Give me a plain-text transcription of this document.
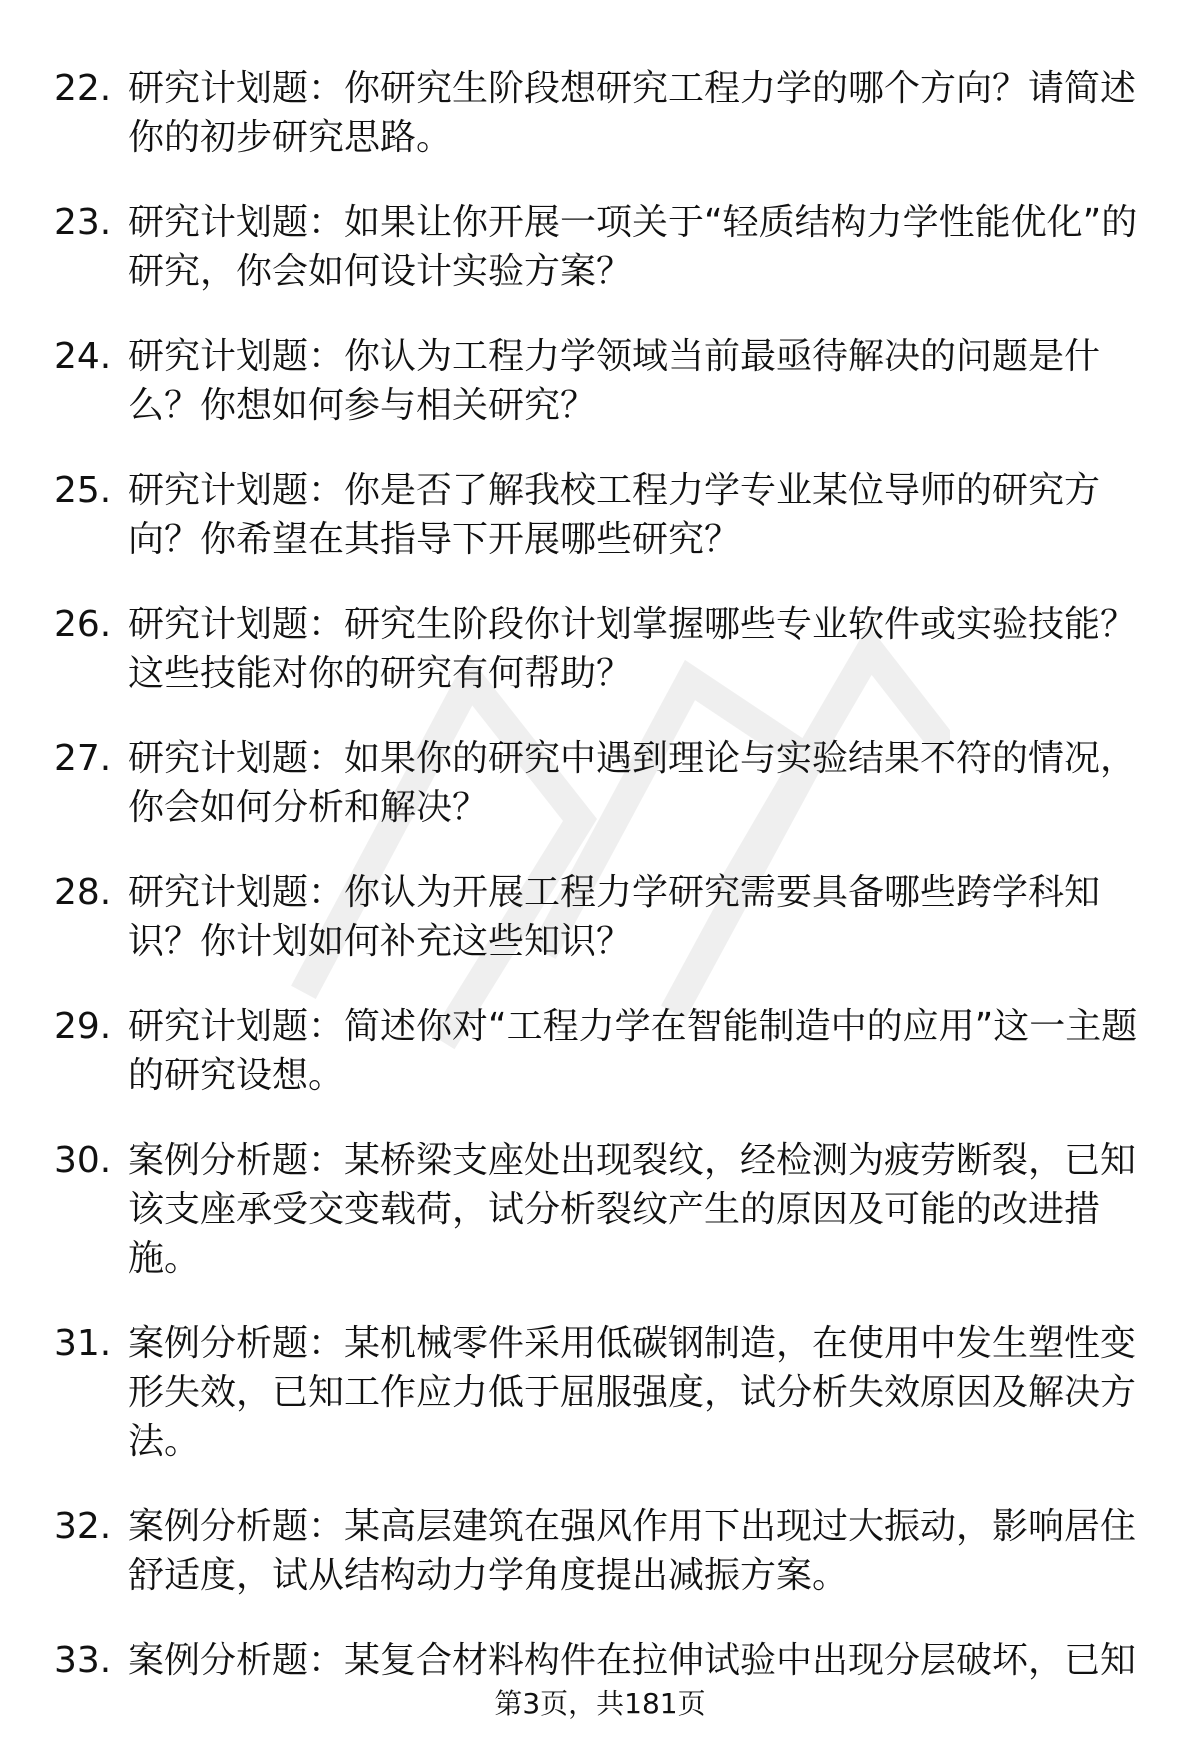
22. 研究计划题：你研究生阶段想研究工程力学的哪个方向？请简述你的初步研究思路。
23. 研究计划题：如果让你开展一项关于“轻质结构力学性能优化”的研究，你会如何设计实验方案？
24. 研究计划题：你认为工程力学领域当前最亟待解决的问题是什么？你想如何参与相关研究？
25. 研究计划题：你是否了解我校工程力学专业某位导师的研究方向？你希望在其指导下开展哪些研究？
26. 研究计划题：研究生阶段你计划掌握哪些专业软件或实验技能？这些技能对你的研究有何帮助？
27. 研究计划题：如果你的研究中遇到理论与实验结果不符的情况，你会如何分析和解决？
28. 研究计划题：你认为开展工程力学研究需要具备哪些跨学科知识？你计划如何补充这些知识？
29. 研究计划题：简述你对“工程力学在智能制造中的应用”这一主题的研究设想。
30. 案例分析题：某桥梁支座处出现裂纹，经检测为疲劳断裂，已知该支座承受交变载荷，试分析裂纹产生的原因及可能的改进措施。
31. 案例分析题：某机械零件采用低碳钢制造，在使用中发生塑性变形失效，已知工作应力低于屈服强度，试分析失效原因及解决方法。
32. 案例分析题：某高层建筑在强风作用下出现过大振动，影响居住舒适度，试从结构动力学角度提出减振方案。
33. 案例分析题：某复合材料构件在拉伸试验中出现分层破坏，已知
第3页，共181页
